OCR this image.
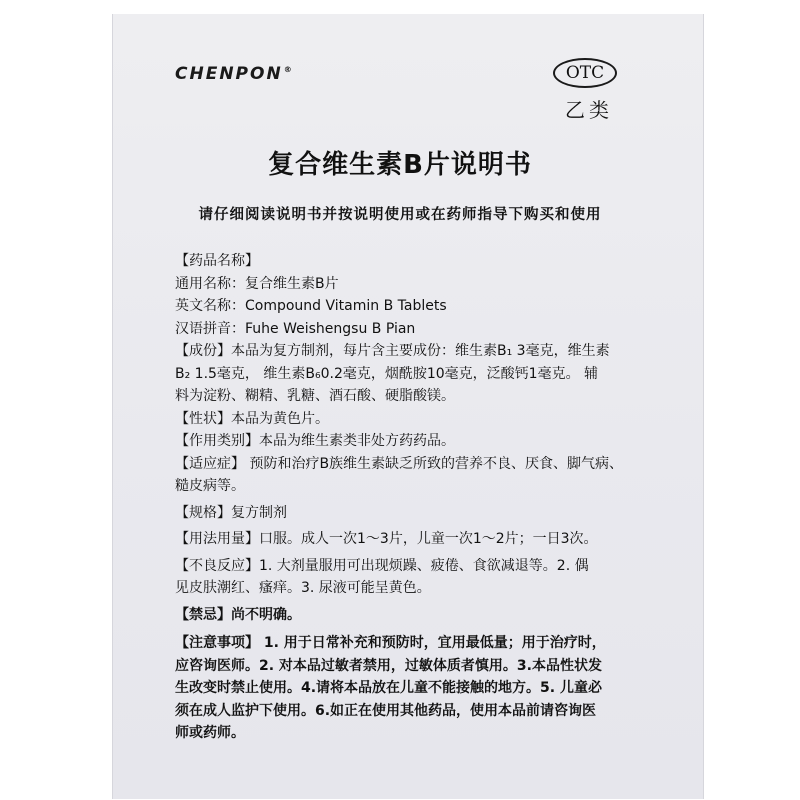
CHENPON®	OTC
乙类
复合维生素B片说明书
请仔细阅读说明书并按说明使用或在药师指导下购买和使用

【药品名称】

通用名称：复合维生素B片

英文名称：Compound Vitamin B Tablets

汉语拼音：Fuhe Weishengsu B Pian

【成份】本品为复方制剂，每片含主要成份：维生素B₁ 3毫克，维生素

B₂ 1.5毫克， 维生素B₆0.2毫克，烟酰胺10毫克，泛酸钙1毫克。 辅

料为淀粉、糊精、乳糖、酒石酸、硬脂酸镁。

【性状】本品为黄色片。

【作用类别】本品为维生素类非处方药药品。

【适应症】 预防和治疗B族维生素缺乏所致的营养不良、厌食、脚气病、

糙皮病等。

【规格】复方制剂

【用法用量】口服。成人一次1～3片，儿童一次1～2片；一日3次。

【不良反应】1. 大剂量服用可出现烦躁、疲倦、食欲减退等。2. 偶

见皮肤潮红、瘙痒。3. 尿液可能呈黄色。

【禁忌】尚不明确。

【注意事项】 1. 用于日常补充和预防时，宜用最低量；用于治疗时，

应咨询医师。2. 对本品过敏者禁用，过敏体质者慎用。3.本品性状发

生改变时禁止使用。4.请将本品放在儿童不能接触的地方。5. 儿童必

须在成人监护下使用。6.如正在使用其他药品，使用本品前请咨询医

师或药师。
